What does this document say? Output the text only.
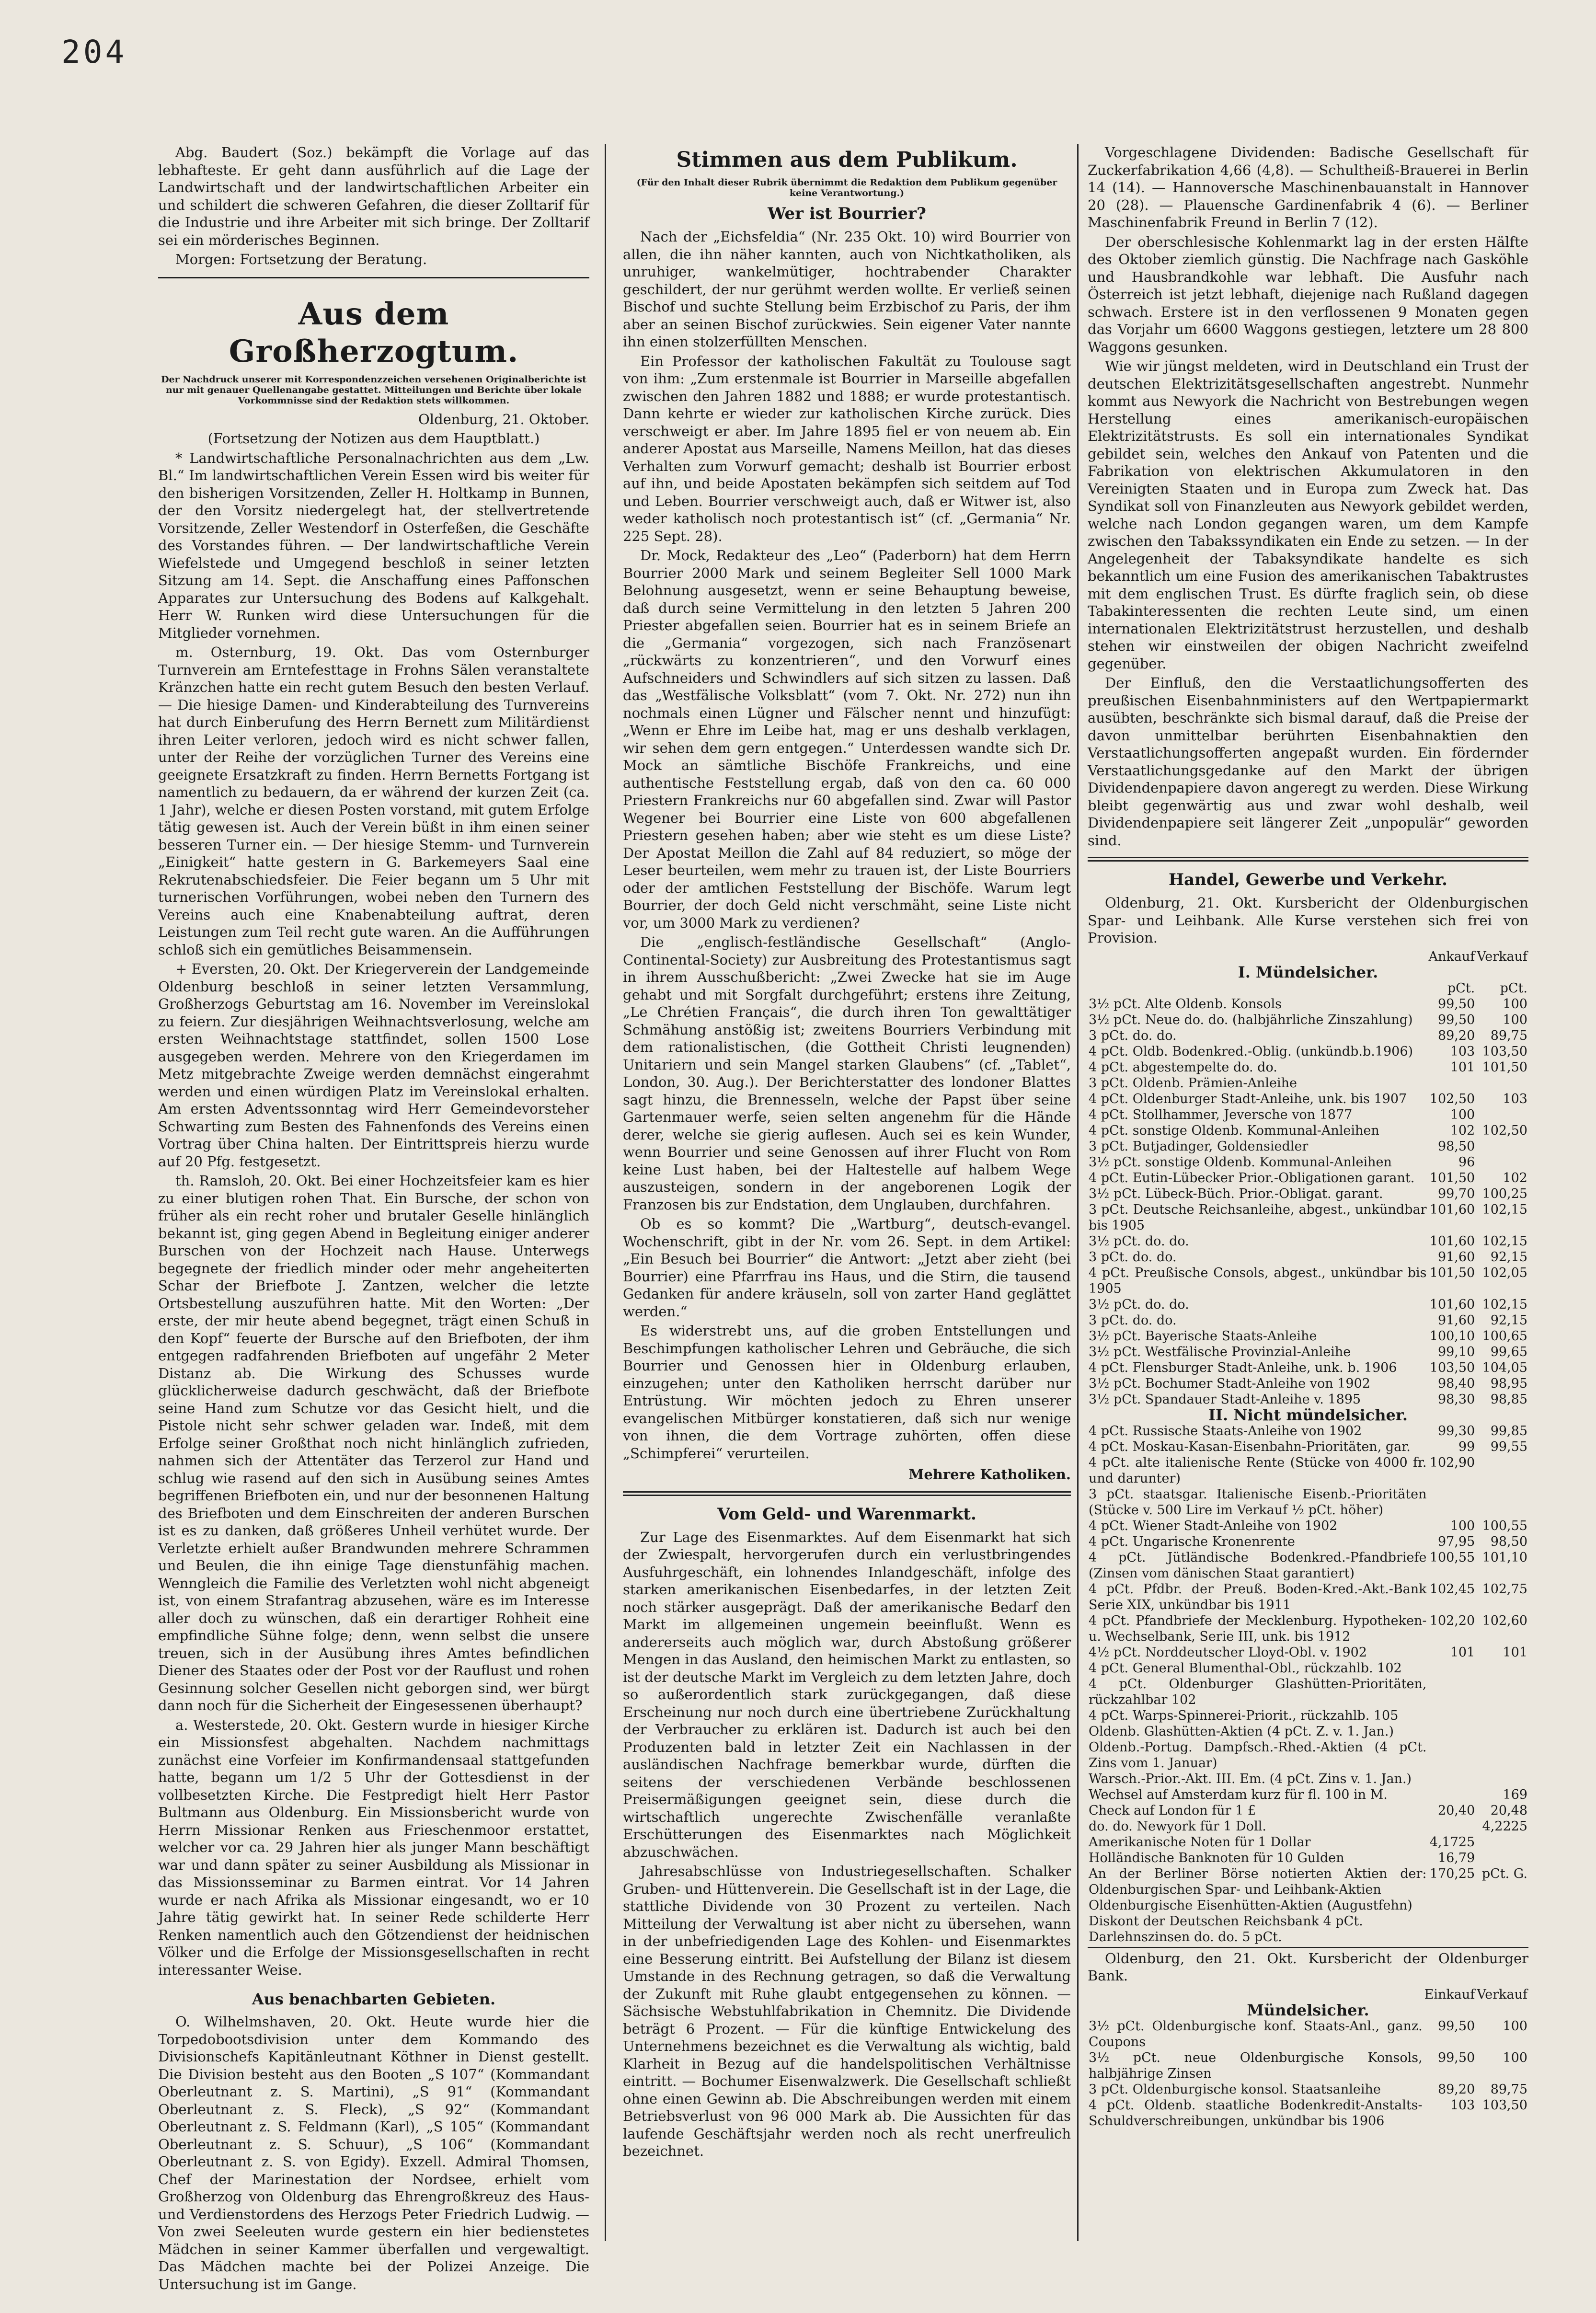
204

Abg. Baudert (Soz.) bekämpft die Vorlage auf das lebhafteste. Er geht dann ausführlich auf die Lage der Landwirtschaft und der landwirtschaftlichen Arbeiter ein und schildert die schweren Gefahren, die dieser Zolltarif für die Industrie und ihre Arbeiter mit sich bringe. Der Zolltarif sei ein mörderisches Beginnen.

Morgen: Fortsetzung der Beratung.

Aus dem Großherzogtum.
Der Nachdruck unserer mit Korrespondenzzeichen versehenen Originalberichte ist nur mit genauer Quellenangabe gestattet. Mitteilungen und Berichte über lokale Vorkommnisse sind der Redaktion stets willkommen.

Oldenburg, 21. Oktober.

(Fortsetzung der Notizen aus dem Hauptblatt.)

* Landwirtschaftliche Personalnachrichten aus dem „Lw. Bl.“ Im landwirtschaftlichen Verein Essen wird bis weiter für den bisherigen Vorsitzenden, Zeller H. Holtkamp in Bunnen, der den Vorsitz niedergelegt hat, der stellvertretende Vorsitzende, Zeller Westendorf in Osterfeßen, die Geschäfte des Vorstandes führen. — Der landwirtschaftliche Verein Wiefelstede und Umgegend beschloß in seiner letzten Sitzung am 14. Sept. die Anschaffung eines Paffonschen Apparates zur Untersuchung des Bodens auf Kalkgehalt. Herr W. Runken wird diese Untersuchungen für die Mitglieder vornehmen.

m. Osternburg, 19. Okt. Das vom Osternburger Turnverein am Erntefesttage in Frohns Sälen veranstaltete Kränzchen hatte ein recht gutem Besuch den besten Verlauf. — Die hiesige Damen- und Kinderabteilung des Turnvereins hat durch Einberufung des Herrn Bernett zum Militärdienst ihren Leiter verloren, jedoch wird es nicht schwer fallen, unter der Reihe der vorzüglichen Turner des Vereins eine geeignete Ersatzkraft zu finden. Herrn Bernetts Fortgang ist namentlich zu bedauern, da er während der kurzen Zeit (ca. 1 Jahr), welche er diesen Posten vorstand, mit gutem Erfolge tätig gewesen ist. Auch der Verein büßt in ihm einen seiner besseren Turner ein. — Der hiesige Stemm- und Turnverein „Einigkeit“ hatte gestern in G. Barkemeyers Saal eine Rekrutenabschiedsfeier. Die Feier begann um 5 Uhr mit turnerischen Vorführungen, wobei neben den Turnern des Vereins auch eine Knabenabteilung auftrat, deren Leistungen zum Teil recht gute waren. An die Aufführungen schloß sich ein gemütliches Beisammensein.

+ Eversten, 20. Okt. Der Kriegerverein der Landgemeinde Oldenburg beschloß in seiner letzten Versammlung, Großherzogs Geburtstag am 16. November im Vereinslokal zu feiern. Zur diesjährigen Weihnachtsverlosung, welche am ersten Weihnachtstage stattfindet, sollen 1500 Lose ausgegeben werden. Mehrere von den Kriegerdamen im Metz mitgebrachte Zweige werden demnächst eingerahmt werden und einen würdigen Platz im Vereinslokal erhalten. Am ersten Adventssonntag wird Herr Gemeindevorsteher Schwarting zum Besten des Fahnenfonds des Vereins einen Vortrag über China halten. Der Eintrittspreis hierzu wurde auf 20 Pfg. festgesetzt.

th. Ramsloh, 20. Okt. Bei einer Hochzeitsfeier kam es hier zu einer blutigen rohen That. Ein Bursche, der schon von früher als ein recht roher und brutaler Geselle hinlänglich bekannt ist, ging gegen Abend in Begleitung einiger anderer Burschen von der Hochzeit nach Hause. Unterwegs begegnete der friedlich minder oder mehr angeheiterten Schar der Briefbote J. Zantzen, welcher die letzte Ortsbestellung auszuführen hatte. Mit den Worten: „Der erste, der mir heute abend begegnet, trägt einen Schuß in den Kopf“ feuerte der Bursche auf den Briefboten, der ihm entgegen radfahrenden Briefboten auf ungefähr 2 Meter Distanz ab. Die Wirkung des Schusses wurde glücklicherweise dadurch geschwächt, daß der Briefbote seine Hand zum Schutze vor das Gesicht hielt, und die Pistole nicht sehr schwer geladen war. Indeß, mit dem Erfolge seiner Großthat noch nicht hinlänglich zufrieden, nahmen sich der Attentäter das Terzerol zur Hand und schlug wie rasend auf den sich in Ausübung seines Amtes begriffenen Briefboten ein, und nur der besonnenen Haltung des Briefboten und dem Einschreiten der anderen Burschen ist es zu danken, daß größeres Unheil verhütet wurde. Der Verletzte erhielt außer Brandwunden mehrere Schrammen und Beulen, die ihn einige Tage dienstunfähig machen. Wenngleich die Familie des Verletzten wohl nicht abgeneigt ist, von einem Strafantrag abzusehen, wäre es im Interesse aller doch zu wünschen, daß ein derartiger Rohheit eine empfindliche Sühne folge; denn, wenn selbst die unsere treuen, sich in der Ausübung ihres Amtes befindlichen Diener des Staates oder der Post vor der Rauflust und rohen Gesinnung solcher Gesellen nicht geborgen sind, wer bürgt dann noch für die Sicherheit der Eingesessenen überhaupt?

a. Westerstede, 20. Okt. Gestern wurde in hiesiger Kirche ein Missionsfest abgehalten. Nachdem nachmittags zunächst eine Vorfeier im Konfirmandensaal stattgefunden hatte, begann um 1/2 5 Uhr der Gottesdienst in der vollbesetzten Kirche. Die Festpredigt hielt Herr Pastor Bultmann aus Oldenburg. Ein Missionsbericht wurde von Herrn Missionar Renken aus Frieschenmoor erstattet, welcher vor ca. 29 Jahren hier als junger Mann beschäftigt war und dann später zu seiner Ausbildung als Missionar in das Missionsseminar zu Barmen eintrat. Vor 14 Jahren wurde er nach Afrika als Missionar eingesandt, wo er 10 Jahre tätig gewirkt hat. In seiner Rede schilderte Herr Renken namentlich auch den Götzendienst der heidnischen Völker und die Erfolge der Missionsgesellschaften in recht interessanter Weise.

Aus benachbarten Gebieten.

O. Wilhelmshaven, 20. Okt. Heute wurde hier die Torpedobootsdivision unter dem Kommando des Divisionschefs Kapitänleutnant Köthner in Dienst gestellt. Die Division besteht aus den Booten „S 107“ (Kommandant Oberleutnant z. S. Martini), „S 91“ (Kommandant Oberleutnant z. S. Fleck), „S 92“ (Kommandant Oberleutnant z. S. Feldmann (Karl), „S 105“ (Kommandant Oberleutnant z. S. Schuur), „S 106“ (Kommandant Oberleutnant z. S. von Egidy). Exzell. Admiral Thomsen, Chef der Marinestation der Nordsee, erhielt vom Großherzog von Oldenburg das Ehrengroßkreuz des Haus- und Verdienstordens des Herzogs Peter Friedrich Ludwig. — Von zwei Seeleuten wurde gestern ein hier bedienstetes Mädchen in seiner Kammer überfallen und vergewaltigt. Das Mädchen machte bei der Polizei Anzeige. Die Untersuchung ist im Gange.

Stimmen aus dem Publikum.
(Für den Inhalt dieser Rubrik übernimmt die Redaktion dem Publikum gegenüber keine Verantwortung.)
Wer ist Bourrier?

Nach der „Eichsfeldia“ (Nr. 235 Okt. 10) wird Bourrier von allen, die ihn näher kannten, auch von Nichtkatholiken, als unruhiger, wankelmütiger, hochtrabender Charakter geschildert, der nur gerühmt werden wollte. Er verließ seinen Bischof und suchte Stellung beim Erzbischof zu Paris, der ihm aber an seinen Bischof zurückwies. Sein eigener Vater nannte ihn einen stolzerfüllten Menschen.

Ein Professor der katholischen Fakultät zu Toulouse sagt von ihm: „Zum erstenmale ist Bourrier in Marseille abgefallen zwischen den Jahren 1882 und 1888; er wurde protestantisch. Dann kehrte er wieder zur katholischen Kirche zurück. Dies verschweigt er aber. Im Jahre 1895 fiel er von neuem ab. Ein anderer Apostat aus Marseille, Namens Meillon, hat das dieses Verhalten zum Vorwurf gemacht; deshalb ist Bourrier erbost auf ihn, und beide Apostaten bekämpfen sich seitdem auf Tod und Leben. Bourrier verschweigt auch, daß er Witwer ist, also weder katholisch noch protestantisch ist“ (cf. „Germania“ Nr. 225 Sept. 28).

Dr. Mock, Redakteur des „Leo“ (Paderborn) hat dem Herrn Bourrier 2000 Mark und seinem Begleiter Sell 1000 Mark Belohnung ausgesetzt, wenn er seine Behauptung beweise, daß durch seine Vermittelung in den letzten 5 Jahren 200 Priester abgefallen seien. Bourrier hat es in seinem Briefe an die „Germania“ vorgezogen, sich nach Französenart „rückwärts zu konzentrieren“, und den Vorwurf eines Aufschneiders und Schwindlers auf sich sitzen zu lassen. Daß das „Westfälische Volksblatt“ (vom 7. Okt. Nr. 272) nun ihn nochmals einen Lügner und Fälscher nennt und hinzufügt: „Wenn er Ehre im Leibe hat, mag er uns deshalb verklagen, wir sehen dem gern entgegen.“ Unterdessen wandte sich Dr. Mock an sämtliche Bischöfe Frankreichs, und eine authentische Feststellung ergab, daß von den ca. 60 000 Priestern Frankreichs nur 60 abgefallen sind. Zwar will Pastor Wegener bei Bourrier eine Liste von 600 abgefallenen Priestern gesehen haben; aber wie steht es um diese Liste? Der Apostat Meillon die Zahl auf 84 reduziert, so möge der Leser beurteilen, wem mehr zu trauen ist, der Liste Bourriers oder der amtlichen Feststellung der Bischöfe. Warum legt Bourrier, der doch Geld nicht verschmäht, seine Liste nicht vor, um 3000 Mark zu verdienen?

Die „englisch-festländische Gesellschaft“ (Anglo-Continental-Society) zur Ausbreitung des Protestantismus sagt in ihrem Ausschußbericht: „Zwei Zwecke hat sie im Auge gehabt und mit Sorgfalt durchgeführt; erstens ihre Zeitung, „Le Chrétien Français“, die durch ihren Ton gewalttätiger Schmähung anstößig ist; zweitens Bourriers Verbindung mit dem rationalistischen, (die Gottheit Christi leugnenden) Unitariern und sein Mangel starken Glaubens“ (cf. „Tablet“, London, 30. Aug.). Der Berichterstatter des londoner Blattes sagt hinzu, die Brennesseln, welche der Papst über seine Gartenmauer werfe, seien selten angenehm für die Hände derer, welche sie gierig auflesen. Auch sei es kein Wunder, wenn Bourrier und seine Genossen auf ihrer Flucht von Rom keine Lust haben, bei der Haltestelle auf halbem Wege auszusteigen, sondern in der angeborenen Logik der Franzosen bis zur Endstation, dem Unglauben, durchfahren.

Ob es so kommt? Die „Wartburg“, deutsch-evangel. Wochenschrift, gibt in der Nr. vom 26. Sept. in dem Artikel: „Ein Besuch bei Bourrier“ die Antwort: „Jetzt aber zieht (bei Bourrier) eine Pfarrfrau ins Haus, und die Stirn, die tausend Gedanken für andere kräuseln, soll von zarter Hand geglättet werden.“

Es widerstrebt uns, auf die groben Entstellungen und Beschimpfungen katholischer Lehren und Gebräuche, die sich Bourrier und Genossen hier in Oldenburg erlauben, einzugehen; unter den Katholiken herrscht darüber nur Entrüstung. Wir möchten jedoch zu Ehren unserer evangelischen Mitbürger konstatieren, daß sich nur wenige von ihnen, die dem Vortrage zuhörten, offen diese „Schimpferei“ verurteilen.

Mehrere Katholiken.

Vom Geld- und Warenmarkt.

Zur Lage des Eisenmarktes. Auf dem Eisenmarkt hat sich der Zwiespalt, hervorgerufen durch ein verlustbringendes Ausfuhrgeschäft, ein lohnendes Inlandgeschäft, infolge des starken amerikanischen Eisenbedarfes, in der letzten Zeit noch stärker ausgeprägt. Daß der amerikanische Bedarf den Markt im allgemeinen ungemein beeinflußt. Wenn es andererseits auch möglich war, durch Abstoßung größerer Mengen in das Ausland, den heimischen Markt zu entlasten, so ist der deutsche Markt im Vergleich zu dem letzten Jahre, doch so außerordentlich stark zurückgegangen, daß diese Erscheinung nur noch durch eine übertriebene Zurückhaltung der Verbraucher zu erklären ist. Dadurch ist auch bei den Produzenten bald in letzter Zeit ein Nachlassen in der ausländischen Nachfrage bemerkbar wurde, dürften die seitens der verschiedenen Verbände beschlossenen Preisermäßigungen geeignet sein, diese durch die wirtschaftlich ungerechte Zwischenfälle veranlaßte Erschütterungen des Eisenmarktes nach Möglichkeit abzuschwächen.

Jahresabschlüsse von Industriegesellschaften. Schalker Gruben- und Hüttenverein. Die Gesellschaft ist in der Lage, die stattliche Dividende von 30 Prozent zu verteilen. Nach Mitteilung der Verwaltung ist aber nicht zu übersehen, wann in der unbefriedigenden Lage des Kohlen- und Eisenmarktes eine Besserung eintritt. Bei Aufstellung der Bilanz ist diesem Umstande in des Rechnung getragen, so daß die Verwaltung der Zukunft mit Ruhe glaubt entgegensehen zu können. — Sächsische Webstuhlfabrikation in Chemnitz. Die Dividende beträgt 6 Prozent. — Für die künftige Entwickelung des Unternehmens bezeichnet es die Verwaltung als wichtig, bald Klarheit in Bezug auf die handelspolitischen Verhältnisse eintritt. — Bochumer Eisenwalzwerk. Die Gesellschaft schließt ohne einen Gewinn ab. Die Abschreibungen werden mit einem Betriebsverlust von 96 000 Mark ab. Die Aussichten für das laufende Geschäftsjahr werden noch als recht unerfreulich bezeichnet.

Vorgeschlagene Dividenden: Badische Gesellschaft für Zuckerfabrikation 4,66 (4,8). — Schultheiß-Brauerei in Berlin 14 (14). — Hannoversche Maschinenbauanstalt in Hannover 20 (28). — Plauensche Gardinenfabrik 4 (6). — Berliner Maschinenfabrik Freund in Berlin 7 (12).

Der oberschlesische Kohlenmarkt lag in der ersten Hälfte des Oktober ziemlich günstig. Die Nachfrage nach Gasköhle und Hausbrandkohle war lebhaft. Die Ausfuhr nach Österreich ist jetzt lebhaft, diejenige nach Rußland dagegen schwach. Erstere ist in den verflossenen 9 Monaten gegen das Vorjahr um 6600 Waggons gestiegen, letztere um 28 800 Waggons gesunken.

Wie wir jüngst meldeten, wird in Deutschland ein Trust der deutschen Elektrizitätsgesellschaften angestrebt. Nunmehr kommt aus Newyork die Nachricht von Bestrebungen wegen Herstellung eines amerikanisch-europäischen Elektrizitätstrusts. Es soll ein internationales Syndikat gebildet sein, welches den Ankauf von Patenten und die Fabrikation von elektrischen Akkumulatoren in den Vereinigten Staaten und in Europa zum Zweck hat. Das Syndikat soll von Finanzleuten aus Newyork gebildet werden, welche nach London gegangen waren, um dem Kampfe zwischen den Tabakssyndikaten ein Ende zu setzen. — In der Angelegenheit der Tabaksyndikate handelte es sich bekanntlich um eine Fusion des amerikanischen Tabaktrustes mit dem englischen Trust. Es dürfte fraglich sein, ob diese Tabakinteressenten die rechten Leute sind, um einen internationalen Elektrizitätstrust herzustellen, und deshalb stehen wir einstweilen der obigen Nachricht zweifelnd gegenüber.

Der Einfluß, den die Verstaatlichungsofferten des preußischen Eisenbahnministers auf den Wertpapiermarkt ausübten, beschränkte sich bismal darauf, daß die Preise der davon unmittelbar berührten Eisenbahnaktien den Verstaatlichungsofferten angepaßt wurden. Ein fördernder Verstaatlichungsgedanke auf den Markt der übrigen Dividendenpapiere davon angeregt zu werden. Diese Wirkung bleibt gegenwärtig aus und zwar wohl deshalb, weil Dividendenpapiere seit längerer Zeit „unpopulär“ geworden sind.

Handel, Gewerbe und Verkehr.

Oldenburg, 21. Okt. Kursbericht der Oldenburgischen Spar- und Leihbank. Alle Kurse verstehen sich frei von Provision.

	Ankauf	Verkauf
I. Mündelsicher.		
	pCt.	pCt.
3½ pCt. Alte Oldenb. Konsols	99,50	100
3½ pCt. Neue do. do. (halbjährliche Zinszahlung)	99,50	100
3 pCt. do. do.	89,20	89,75
4 pCt. Oldb. Bodenkred.-Oblig. (unkündb.b.1906)	103	103,50
4 pCt. abgestempelte do. do.	101	101,50
3 pCt. Oldenb. Prämien-Anleihe		
4 pCt. Oldenburger Stadt-Anleihe, unk. bis 1907	102,50	103
4 pCt. Stollhammer, Jeversche von 1877	100	
4 pCt. sonstige Oldenb. Kommunal-Anleihen	102	102,50
3 pCt. Butjadinger, Goldensiedler	98,50	
3½ pCt. sonstige Oldenb. Kommunal-Anleihen	96	
4 pCt. Eutin-Lübecker Prior.-Obligationen garant.	101,50	102
3½ pCt. Lübeck-Büch. Prior.-Obligat. garant.	99,70	100,25
3 pCt. Deutsche Reichsanleihe, abgest., unkündbar bis 1905	101,60	102,15
3½ pCt. do. do.	101,60	102,15
3 pCt. do. do.	91,60	92,15
4 pCt. Preußische Consols, abgest., unkündbar bis 1905	101,50	102,05
3½ pCt. do. do.	101,60	102,15
3 pCt. do. do.	91,60	92,15
3½ pCt. Bayerische Staats-Anleihe	100,10	100,65
3½ pCt. Westfälische Provinzial-Anleihe	99,10	99,65
4 pCt. Flensburger Stadt-Anleihe, unk. b. 1906	103,50	104,05
3½ pCt. Bochumer Stadt-Anleihe von 1902	98,40	98,95
3½ pCt. Spandauer Stadt-Anleihe v. 1895	98,30	98,85
II. Nicht mündelsicher.		
4 pCt. Russische Staats-Anleihe von 1902	99,30	99,85
4 pCt. Moskau-Kasan-Eisenbahn-Prioritäten, gar.	99	99,55
4 pCt. alte italienische Rente (Stücke von 4000 fr. und darunter)	102,90	
3 pCt. staatsgar. Italienische Eisenb.-Prioritäten (Stücke v. 500 Lire im Verkauf ½ pCt. höher)		
4 pCt. Wiener Stadt-Anleihe von 1902	100	100,55
4 pCt. Ungarische Kronenrente	97,95	98,50
4 pCt. Jütländische Bodenkred.-Pfandbriefe (Zinsen vom dänischen Staat garantiert)	100,55	101,10
4 pCt. Pfdbr. der Preuß. Boden-Kred.-Akt.-Bank Serie XIX, unkündbar bis 1911	102,45	102,75
4 pCt. Pfandbriefe der Mecklenburg. Hypotheken- u. Wechselbank, Serie III, unk. bis 1912	102,20	102,60
4½ pCt. Norddeutscher Lloyd-Obl. v. 1902	101	101
4 pCt. General Blumenthal-Obl., rückzahlb. 102		
4 pCt. Oldenburger Glashütten-Prioritäten, rückzahlbar 102		
4 pCt. Warps-Spinnerei-Priorit., rückzahlb. 105		
Oldenb. Glashütten-Aktien (4 pCt. Z. v. 1. Jan.)		
Oldenb.-Portug. Dampfsch.-Rhed.-Aktien (4 pCt. Zins vom 1. Januar)		
Warsch.-Prior.-Akt. III. Em. (4 pCt. Zins v. 1. Jan.)		
Wechsel auf Amsterdam kurz für fl. 100 in M.		169
Check auf London für 1 £	20,40	20,48
do. do. Newyork für 1 Doll.		4,2225
Amerikanische Noten für 1 Dollar	4,1725	
Holländische Banknoten für 10 Gulden	16,79	
An der Berliner Börse notierten Aktien der: Oldenburgischen Spar- und Leihbank-Aktien	170,25	pCt. G.
Oldenburgische Eisenhütten-Aktien (Augustfehn)		
Diskont der Deutschen Reichsbank 4 pCt.		
Darlehnszinsen do. do. 5 pCt.		

Oldenburg, den 21. Okt. Kursbericht der Oldenburger Bank.

	Einkauf	Verkauf
Mündelsicher.		
3½ pCt. Oldenburgische konf. Staats-Anl., ganz. Coupons	99,50	100
3½ pCt. neue Oldenburgische Konsols, halbjährige Zinsen	99,50	100
3 pCt. Oldenburgische konsol. Staatsanleihe	89,20	89,75
4 pCt. Oldenb. staatliche Bodenkredit-Anstalts-Schuldverschreibungen, unkündbar bis 1906	103	103,50
